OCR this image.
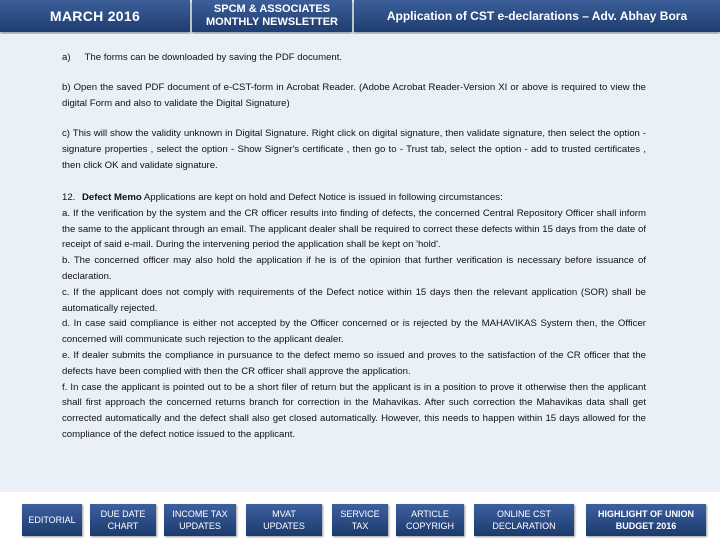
MARCH 2016	SPCM & ASSOCIATES
MONTHLY NEWSLETTER	Application of CST e-declarations – Adv. Abhay Bora

a) The forms can be downloaded by saving the PDF document.

b) Open the saved PDF document of e-CST-form in Acrobat Reader. (Adobe Acrobat Reader-Version XI or above is required to view the digital Form and also to validate the Digital Signature)

c) This will show the validity unknown in Digital Signature. Right click on digital signature, then validate signature, then select the option - signature properties , select the option - Show Signer's certificate , then go to - Trust tab, select the option - add to trusted certificates , then click OK and validate signature.

12. Defect Memo Applications are kept on hold and Defect Notice is issued in following circumstances:

a. If the verification by the system and the CR officer results into finding of defects, the concerned Central Repository Officer shall inform the same to the applicant through an email. The applicant dealer shall be required to correct these defects within 15 days from the date of receipt of said e-mail. During the intervening period the application shall be kept on 'hold'.

b. The concerned officer may also hold the application if he is of the opinion that further verification is necessary before issuance of declaration.

c. If the applicant does not comply with requirements of the Defect notice within 15 days then the relevant application (SOR) shall be automatically rejected.

d. In case said compliance is either not accepted by the Officer concerned or is rejected by the MAHAVIKAS System then, the Officer concerned will communicate such rejection to the applicant dealer.

e. If dealer submits the compliance in pursuance to the defect memo so issued and proves to the satisfaction of the CR officer that the defects have been complied with then the CR officer shall approve the application.

f. In case the applicant is pointed out to be a short filer of return but the applicant is in a position to prove it otherwise then the applicant shall first approach the concerned returns branch for correction in the Mahavikas. After such correction the Mahavikas data shall get corrected automatically and the defect shall also get closed automatically. However, this needs to happen within 15 days allowed for the compliance of the defect notice issued to the applicant.

EDITORIAL
DUE DATE
CHART
INCOME TAX
UPDATES
MVAT
UPDATES
SERVICE
TAX
ARTICLE
COPYRIGH
ONLINE CST
DECLARATION
HIGHLIGHT OF UNION
BUDGET 2016
